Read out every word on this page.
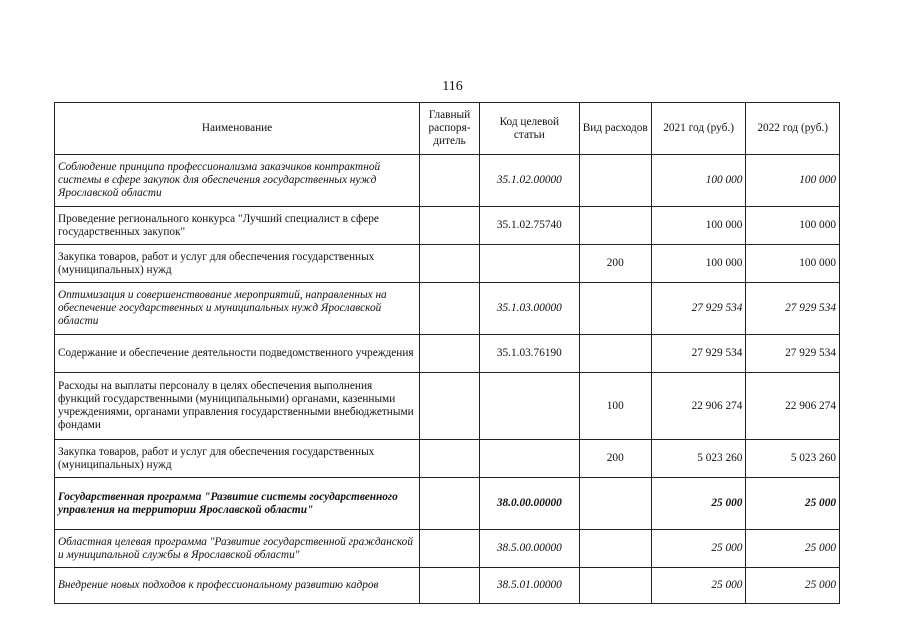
116
Наименование	Главный распоря-дитель	Код целевой статьи	Вид расходов	2021 год (руб.)	2022 год (руб.)
Соблюдение принципа профессионализма заказчиков контрактной системы в сфере закупок для обеспечения государственных нужд Ярославской области		35.1.02.00000		100 000	100 000
Проведение регионального конкурса "Лучший специалист в сфере государственных закупок"		35.1.02.75740		100 000	100 000
Закупка товаров, работ и услуг для обеспечения государственных (муниципальных) нужд			200	100 000	100 000
Оптимизация и совершенствование мероприятий, направленных на обеспечение государственных и муниципальных нужд Ярославской области		35.1.03.00000		27 929 534	27 929 534
Содержание и обеспечение деятельности подведомственного учреждения		35.1.03.76190		27 929 534	27 929 534
Расходы на выплаты персоналу в целях обеспечения выполнения функций государственными (муниципальными) органами, казенными учреждениями, органами управления государственными внебюджетными фондами			100	22 906 274	22 906 274
Закупка товаров, работ и услуг для обеспечения государственных (муниципальных) нужд			200	5 023 260	5 023 260
Государственная программа "Развитие системы государственного управления на территории Ярославской области"		38.0.00.00000		25 000	25 000
Областная целевая программа "Развитие государственной гражданской и муниципальной службы в Ярославской области"		38.5.00.00000		25 000	25 000
Внедрение новых подходов к профессиональному развитию кадров		38.5.01.00000		25 000	25 000
